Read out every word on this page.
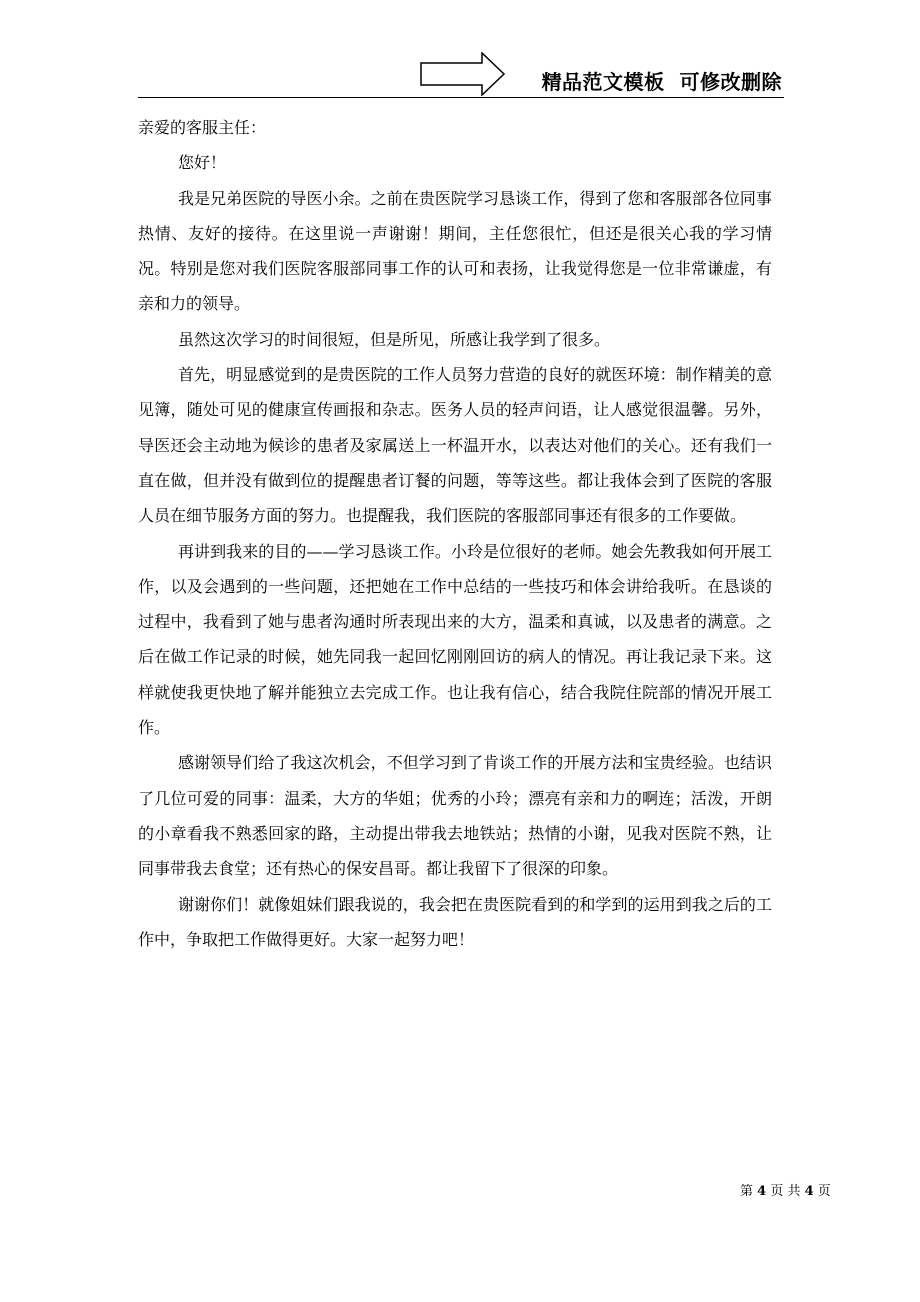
精品范文模板  可修改删除

亲爱的客服主任：

您好！

我是兄弟医院的导医小余。之前在贵医院学习恳谈工作，得到了您和客服部各位同事热情、友好的接待。在这里说一声谢谢！期间，主任您很忙，但还是很关心我的学习情况。特别是您对我们医院客服部同事工作的认可和表扬，让我觉得您是一位非常谦虚，有亲和力的领导。

虽然这次学习的时间很短，但是所见，所感让我学到了很多。

首先，明显感觉到的是贵医院的工作人员努力营造的良好的就医环境：制作精美的意见簿，随处可见的健康宣传画报和杂志。医务人员的轻声问语，让人感觉很温馨。另外，导医还会主动地为候诊的患者及家属送上一杯温开水，以表达对他们的关心。还有我们一直在做，但并没有做到位的提醒患者订餐的问题，等等这些。都让我体会到了医院的客服人员在细节服务方面的努力。也提醒我，我们医院的客服部同事还有很多的工作要做。

再讲到我来的目的——学习恳谈工作。小玲是位很好的老师。她会先教我如何开展工作，以及会遇到的一些问题，还把她在工作中总结的一些技巧和体会讲给我听。在恳谈的过程中，我看到了她与患者沟通时所表现出来的大方，温柔和真诚，以及患者的满意。之后在做工作记录的时候，她先同我一起回忆刚刚回访的病人的情况。再让我记录下来。这样就使我更快地了解并能独立去完成工作。也让我有信心，结合我院住院部的情况开展工作。

感谢领导们给了我这次机会，不但学习到了肯谈工作的开展方法和宝贵经验。也结识了几位可爱的同事：温柔，大方的华姐；优秀的小玲；漂亮有亲和力的啊连；活泼，开朗的小章看我不熟悉回家的路，主动提出带我去地铁站；热情的小谢，见我对医院不熟，让同事带我去食堂；还有热心的保安昌哥。都让我留下了很深的印象。

谢谢你们！就像姐妹们跟我说的，我会把在贵医院看到的和学到的运用到我之后的工作中，争取把工作做得更好。大家一起努力吧！

第 4 页 共 4 页
